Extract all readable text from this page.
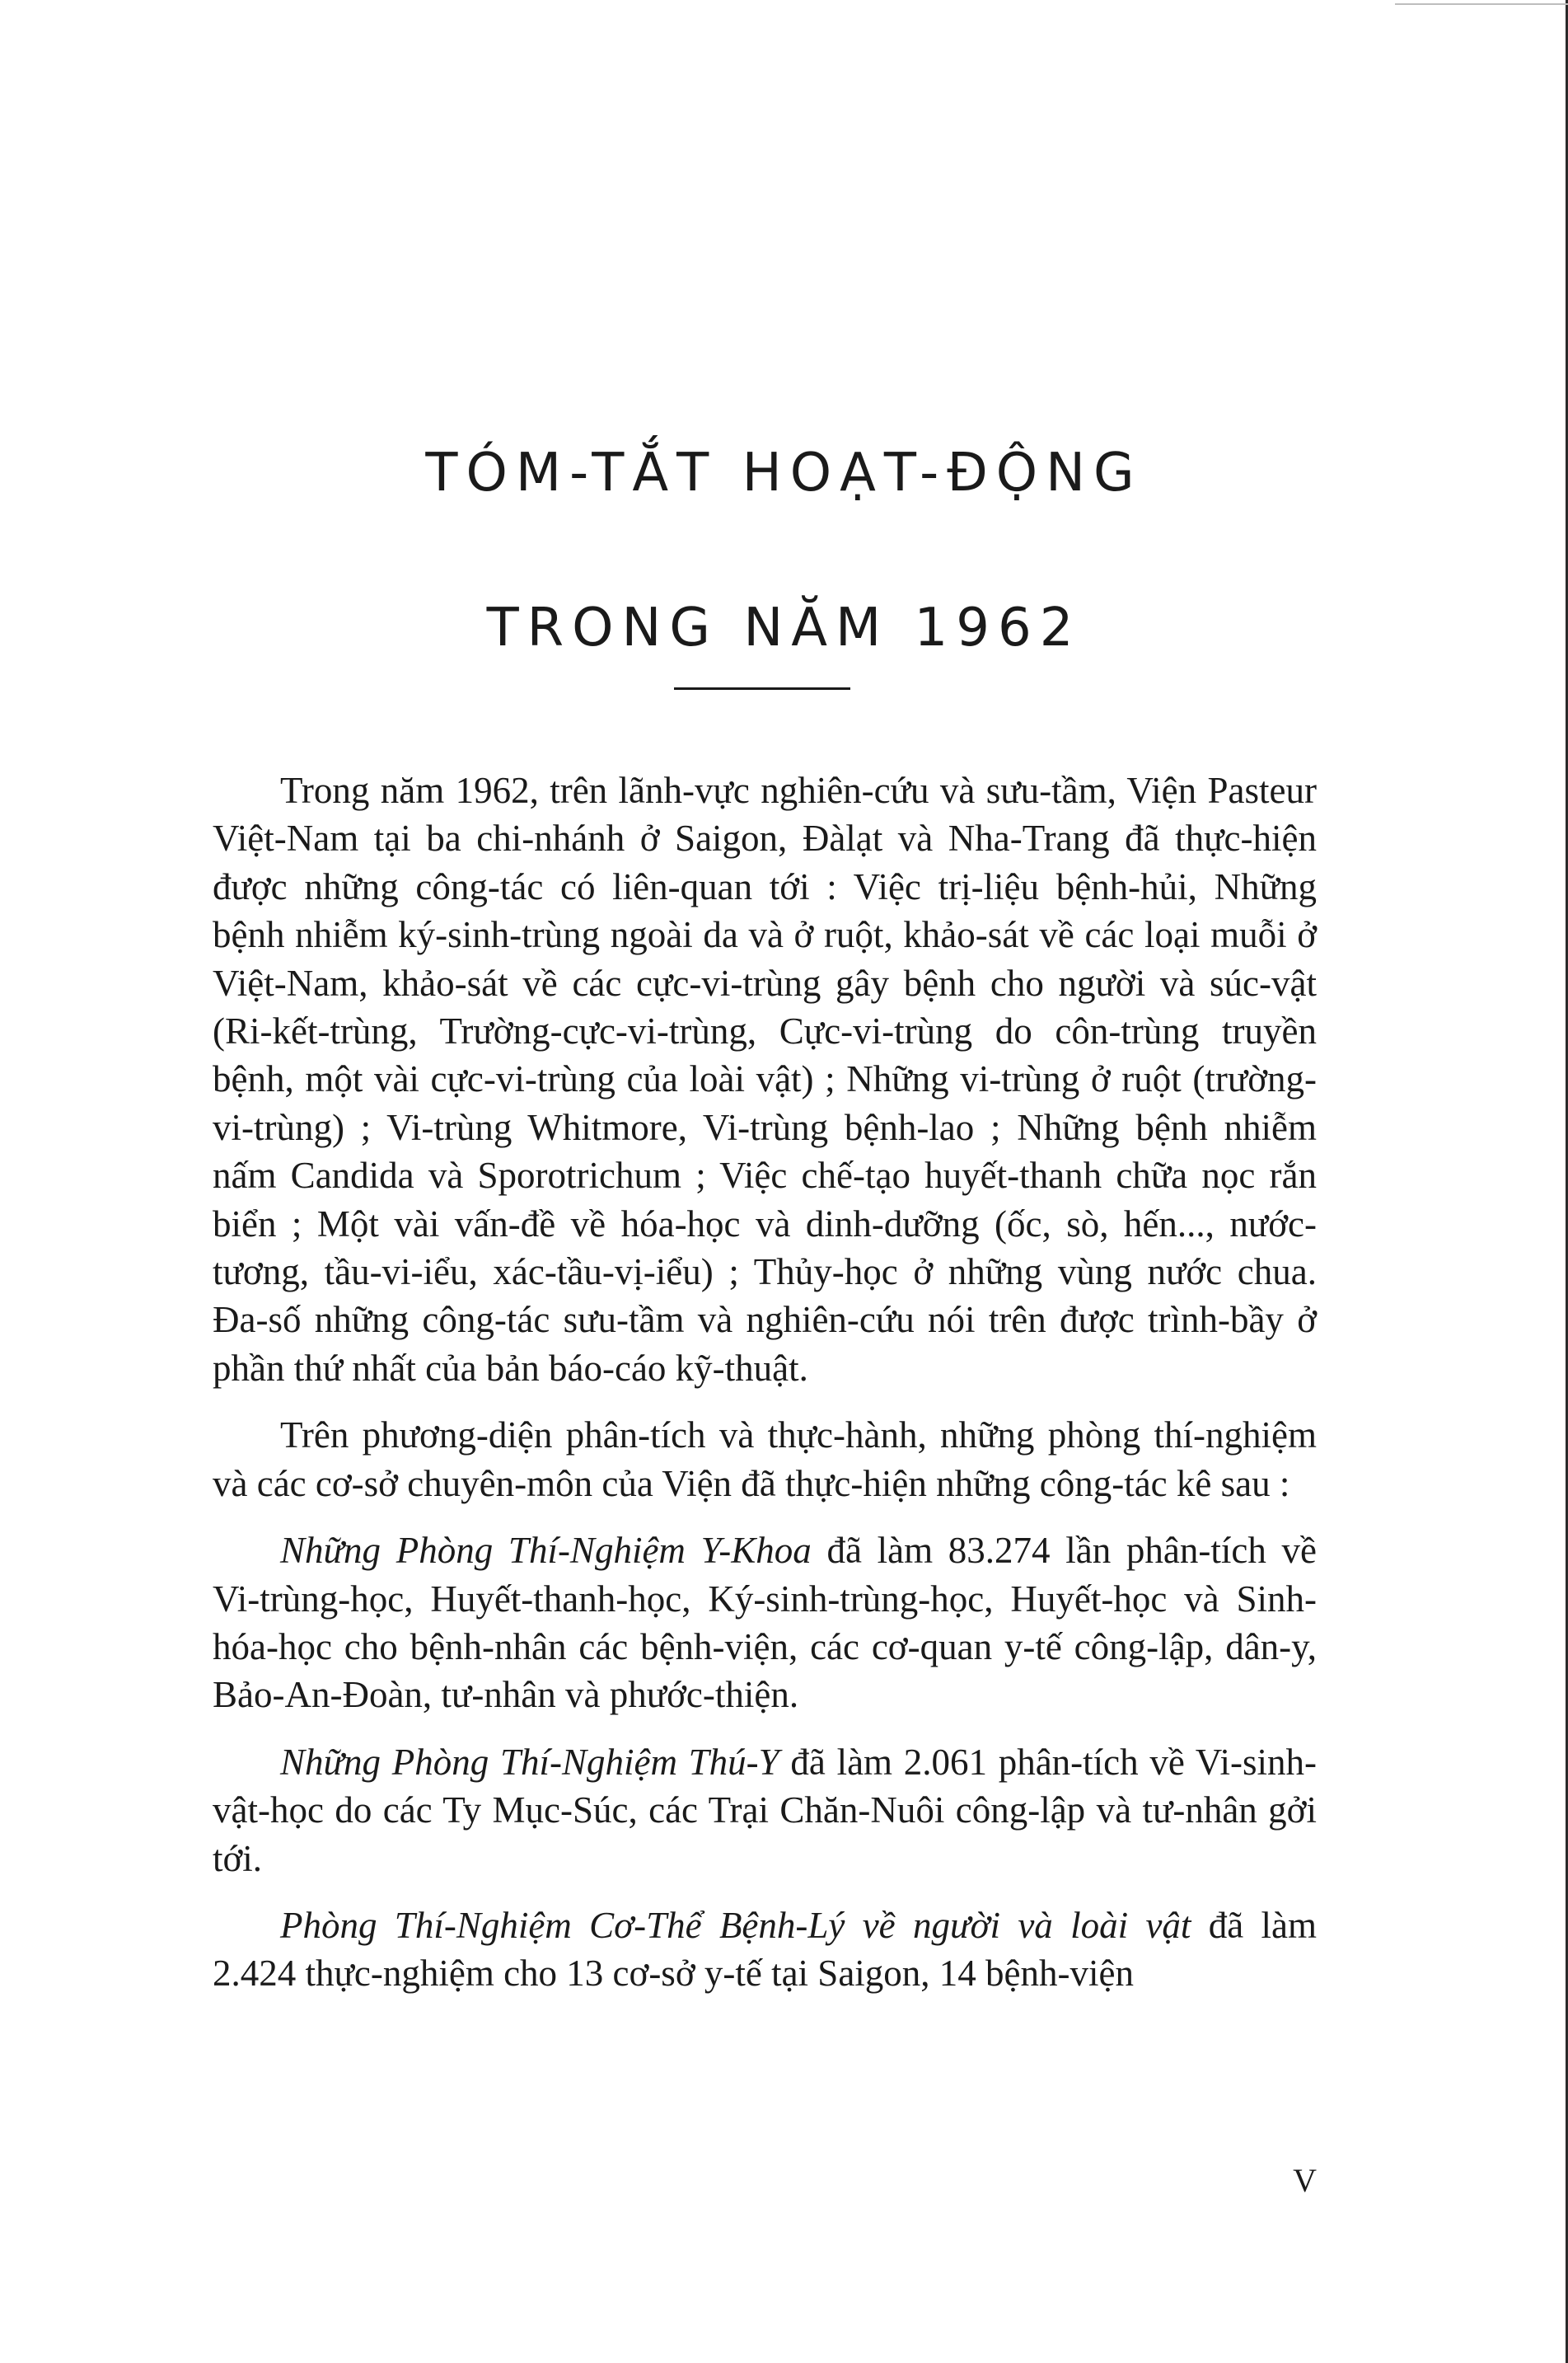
TÓM-TẮT HOẠT-ĐỘNG
TRONG NĂM 1962

Trong năm 1962, trên lãnh-vực nghiên-cứu và sưu-tầm, Viện Pasteur Việt-Nam tại ba chi-nhánh ở Saigon, Đàlạt và Nha-Trang đã thực-hiện được những công-tác có liên-quan tới : Việc trị-liệu bệnh-hủi, Những bệnh nhiễm ký-sinh-trùng ngoài da và ở ruột, khảo-sát về các loại muỗi ở Việt-Nam, khảo-sát về các cực-vi-trùng gây bệnh cho người và súc-vật (Ri-kết-trùng, Trường-cực-vi-trùng, Cực-vi-trùng do côn-trùng truyền bệnh, một vài cực-vi-trùng của loài vật) ; Những vi-trùng ở ruột (trường-vi-trùng) ; Vi-trùng Whitmore, Vi-trùng bệnh-lao ; Những bệnh nhiễm nấm Candida và Sporotrichum ; Việc chế-tạo huyết-thanh chữa nọc rắn biển ; Một vài vấn-đề về hóa-học và dinh-dưỡng (ốc, sò, hến..., nước-tương, tầu-vi-iểu, xác-tầu-vị-iểu) ; Thủy-học ở những vùng nước chua. Đa-số những công-tác sưu-tầm và nghiên-cứu nói trên được trình-bầy ở phần thứ nhất của bản báo-cáo kỹ-thuật.

Trên phương-diện phân-tích và thực-hành, những phòng thí-nghiệm và các cơ-sở chuyên-môn của Viện đã thực-hiện những công-tác kê sau :

Những Phòng Thí-Nghiệm Y-Khoa đã làm 83.274 lần phân-tích về Vi-trùng-học, Huyết-thanh-học, Ký-sinh-trùng-học, Huyết-học và Sinh-hóa-học cho bệnh-nhân các bệnh-viện, các cơ-quan y-tế công-lập, dân-y, Bảo-An-Đoàn, tư-nhân và phước-thiện.

Những Phòng Thí-Nghiệm Thú-Y đã làm 2.061 phân-tích về Vi-sinh-vật-học do các Ty Mục-Súc, các Trại Chăn-Nuôi công-lập và tư-nhân gởi tới.

Phòng Thí-Nghiệm Cơ-Thể Bệnh-Lý về người và loài vật đã làm 2.424 thực-nghiệm cho 13 cơ-sở y-tế tại Saigon, 14 bệnh-viện

V
